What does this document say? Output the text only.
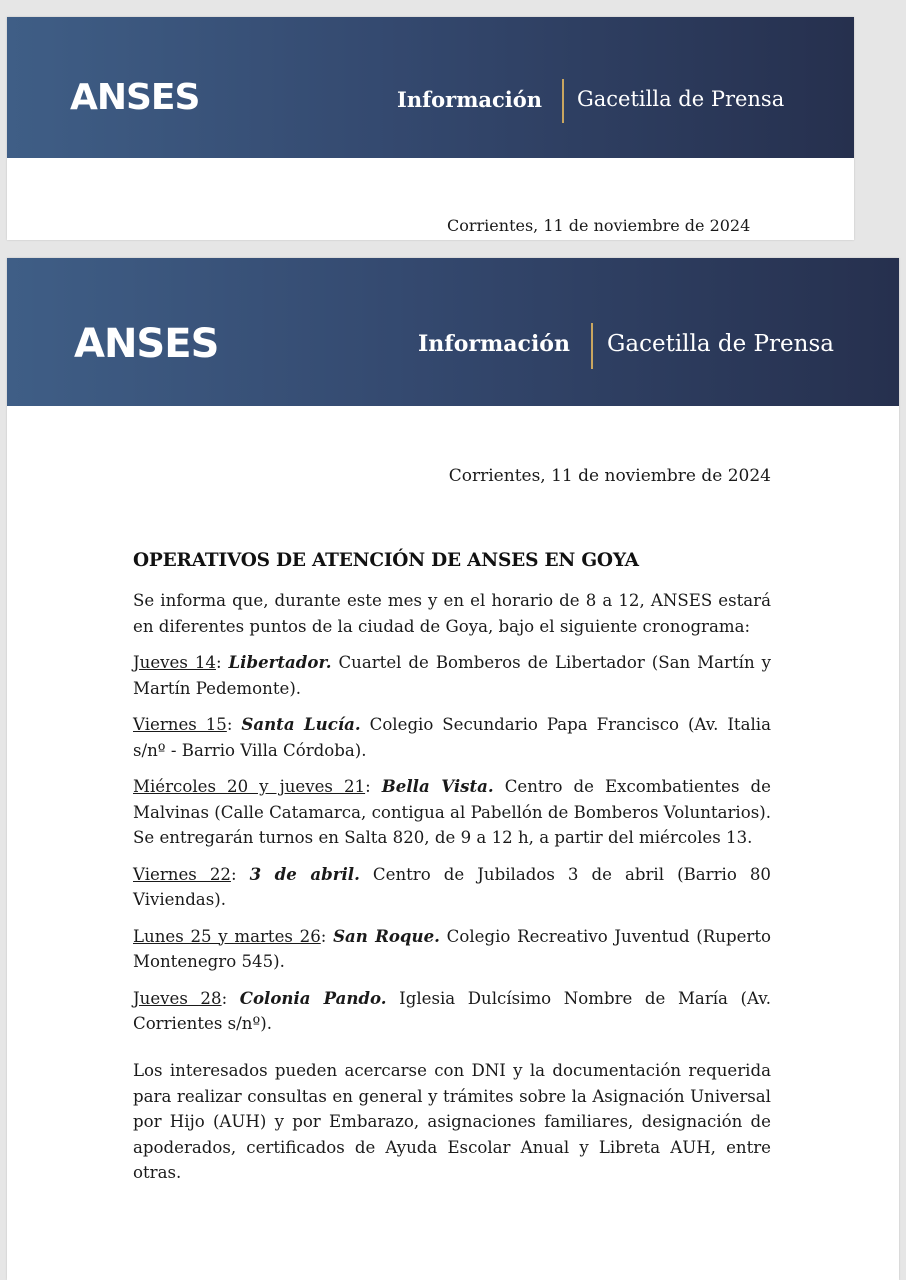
ANSES	Información Gacetilla de Prensa
Corrientes, 11 de noviembre de 2024
ANSES	Información Gacetilla de Prensa
Corrientes, 11 de noviembre de 2024
OPERATIVOS DE ATENCIÓN DE ANSES EN GOYA

Se informa que, durante este mes y en el horario de 8 a 12, ANSES estará en diferentes puntos de la ciudad de Goya, bajo el siguiente cronograma:

Jueves 14: Libertador. Cuartel de Bomberos de Libertador (San Martín y Martín Pedemonte).

Viernes 15: Santa Lucía. Colegio Secundario Papa Francisco (Av. Italia s/nº - Barrio Villa Córdoba).

Miércoles 20 y jueves 21: Bella Vista. Centro de Excombatientes de Malvinas (Calle Catamarca, contigua al Pabellón de Bomberos Voluntarios). Se entregarán turnos en Salta 820, de 9 a 12 h, a partir del miércoles 13.

Viernes 22: 3 de abril. Centro de Jubilados 3 de abril (Barrio 80 Viviendas).

Lunes 25 y martes 26: San Roque. Colegio Recreativo Juventud (Ruperto Montenegro 545).

Jueves 28: Colonia Pando. Iglesia Dulcísimo Nombre de María (Av. Corrientes s/nº).

Los interesados pueden acercarse con DNI y la documentación requerida para realizar consultas en general y trámites sobre la Asignación Universal por Hijo (AUH) y por Embarazo, asignaciones familiares, designación de apoderados, certificados de Ayuda Escolar Anual y Libreta AUH, entre otras.
